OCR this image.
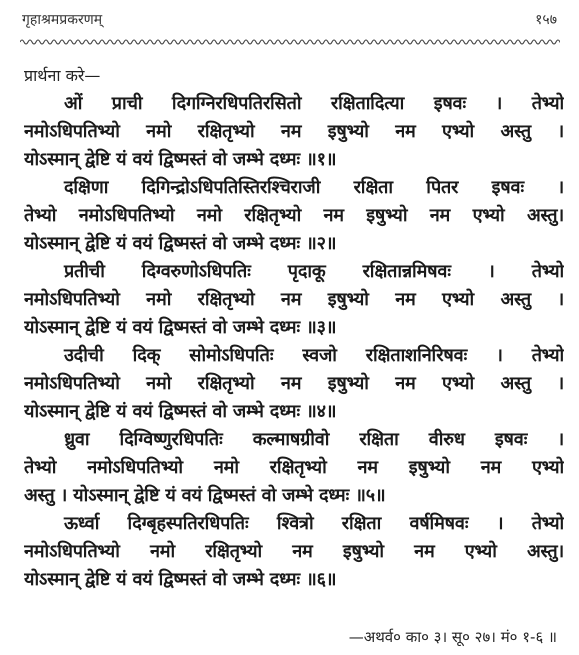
गृहाश्रमप्रकरणम्	१५७
प्रार्थना करे—
ओं प्राची दिगग्निरधिपतिरसितो रक्षितादित्या इषवः । तेभ्यो
नमोऽधिपतिभ्यो नमो रक्षितृभ्यो नम इषुभ्यो नम एभ्यो अस्तु ।
योऽस्मान् द्वेष्टि यं वयं द्विष्मस्तं वो जम्भे दध्मः ॥१॥
दक्षिणा दिगिन्द्रोऽधिपतिस्तिरश्चिराजी रक्षिता पितर इषवः ।
तेभ्यो नमोऽधिपतिभ्यो नमो रक्षितृभ्यो नम इषुभ्यो नम एभ्यो अस्तु।
योऽस्मान् द्वेष्टि यं वयं द्विष्मस्तं वो जम्भे दध्मः ॥२॥
प्रतीची दिग्वरुणोऽधिपतिः पृदाकू रक्षितान्नमिषवः । तेभ्यो
नमोऽधिपतिभ्यो नमो रक्षितृभ्यो नम इषुभ्यो नम एभ्यो अस्तु ।
योऽस्मान् द्वेष्टि यं वयं द्विष्मस्तं वो जम्भे दध्मः ॥३॥
उदीची दिक् सोमोऽधिपतिः स्वजो रक्षिताशनिरिषवः । तेभ्यो
नमोऽधिपतिभ्यो नमो रक्षितृभ्यो नम इषुभ्यो नम एभ्यो अस्तु ।
योऽस्मान् द्वेष्टि यं वयं द्विष्मस्तं वो जम्भे दध्मः ॥४॥
ध्रुवा दिग्विष्णुरधिपतिः कल्माषग्रीवो रक्षिता वीरुध इषवः ।
तेभ्यो नमोऽधिपतिभ्यो नमो रक्षितृभ्यो नम इषुभ्यो नम एभ्यो
अस्तु । योऽस्मान् द्वेष्टि यं वयं द्विष्मस्तं वो जम्भे दध्मः ॥५॥
ऊर्ध्वा दिग्बृहस्पतिरधिपतिः श्वित्रो रक्षिता वर्षमिषवः । तेभ्यो
नमोऽधिपतिभ्यो नमो रक्षितृभ्यो नम इषुभ्यो नम एभ्यो अस्तु।
योऽस्मान् द्वेष्टि यं वयं द्विष्मस्तं वो जम्भे दध्मः ॥६॥
—अथर्व० का० ३। सू० २७। मं० १-६ ॥
